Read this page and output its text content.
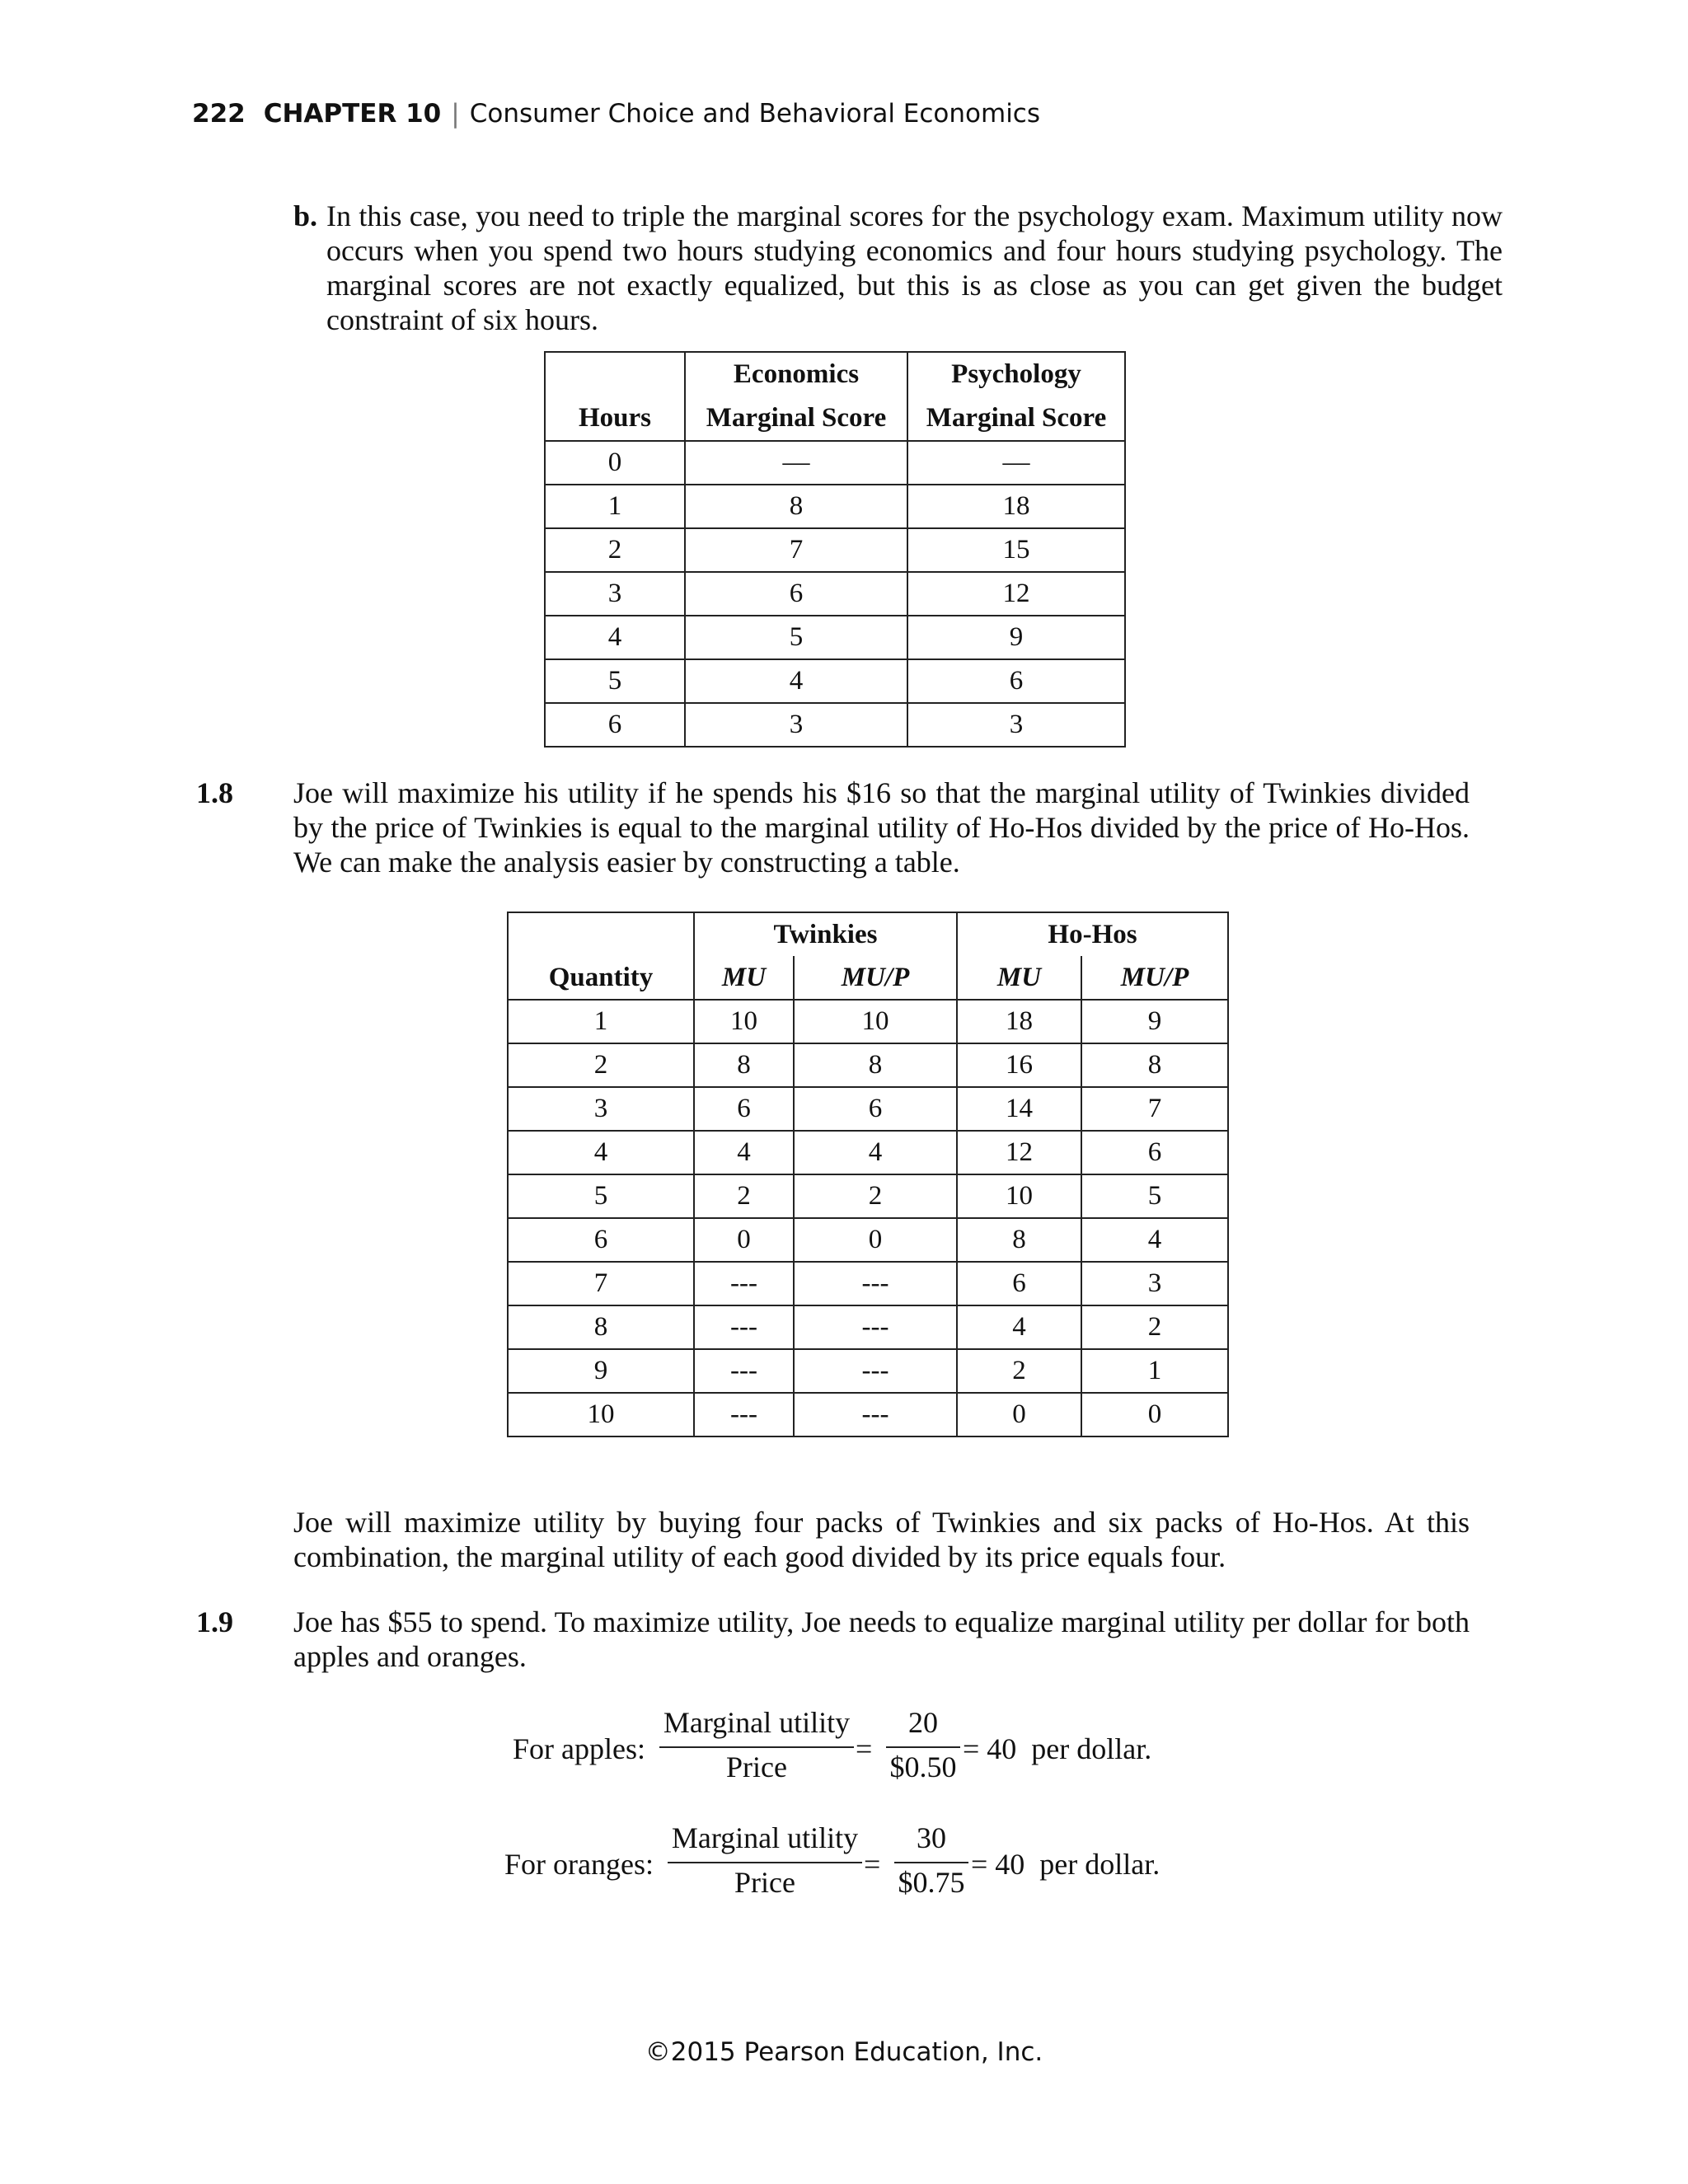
222 CHAPTER 10 | Consumer Choice and Behavioral Economics
b. In this case, you need to triple the marginal scores for the psychology exam. Maximum utility now occurs when you spend two hours studying economics and four hours studying psychology. The marginal scores are not exactly equalized, but this is as close as you can get given the budget constraint of six hours.
	Economics	Psychology
Hours	Marginal Score	Marginal Score
0	—	—
1	8	18
2	7	15
3	6	12
4	5	9
5	4	6
6	3	3
1.8 Joe will maximize his utility if he spends his $16 so that the marginal utility of Twinkies divided by the price of Twinkies is equal to the marginal utility of Ho-Hos divided by the price of Ho-Hos. We can make the analysis easier by constructing a table.
	Twinkies		Ho-Hos	
Quantity	MU	MU/P	MU	MU/P
1	10	10	18	9
2	8	8	16	8
3	6	6	14	7
4	4	4	12	6
5	2	2	10	5
6	0	0	8	4
7	---	---	6	3
8	---	---	4	2
9	---	---	2	1
10	---	---	0	0
Joe will maximize utility by buying four packs of Twinkies and six packs of Ho-Hos. At this combination, the marginal utility of each good divided by its price equals four.
1.9 Joe has $55 to spend. To maximize utility, Joe needs to equalize marginal utility per dollar for both apples and oranges.
For apples:
Marginal utility
Price
=
20
$0.50
= 40  per dollar.
For oranges:
Marginal utility
Price
=
30
$0.75
= 40  per dollar.
©2015 Pearson Education, Inc.
